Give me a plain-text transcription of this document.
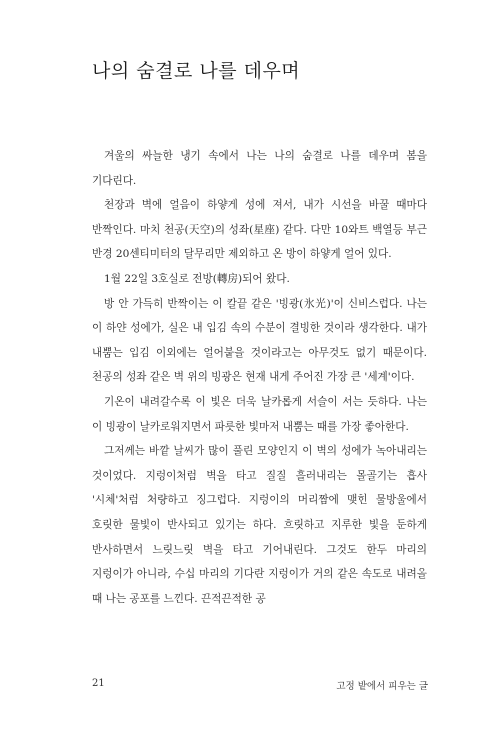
나의 숨결로 나를 데우며

겨울의 싸늘한 냉기 속에서 나는 나의 숨결로 나를 데우며 봄을 기다린다.

천장과 벽에 얼음이 하얗게 성에 져서, 내가 시선을 바꿀 때마다 반짝인다. 마치 천공(天空)의 성좌(星座) 같다. 다만 10와트 백열등 부근 반경 20센티미터의 달무리만 제외하고 온 방이 하얗게 얼어 있다.

1월 22일 3호실로 전방(轉房)되어 왔다.

방 안 가득히 반짝이는 이 칼끝 같은 '빙광(氷光)'이 신비스럽다. 나는 이 하얀 성에가, 실은 내 입김 속의 수분이 결빙한 것이라 생각한다. 내가 내뿜는 입김 이외에는 얼어붙을 것이라고는 아무것도 없기 때문이다. 천공의 성좌 같은 벽 위의 빙광은 현재 내게 주어진 가장 큰 '세계'이다.

기온이 내려갈수록 이 빛은 더욱 날카롭게 서슬이 서는 듯하다. 나는 이 빙광이 날카로워지면서 파릇한 빛마저 내뿜는 때를 가장 좋아한다.

그저께는 바깥 날씨가 많이 풀린 모양인지 이 벽의 성에가 녹아내리는 것이었다. 지렁이처럼 벽을 타고 질질 흘러내리는 몰골기는 흡사 '시체'처럼 처량하고 징그럽다. 지렁이의 머리짬에 맺힌 물방울에서 호릿한 물빛이 반사되고 있기는 하다. 흐릿하고 지루한 빛을 둔하게 반사하면서 느릿느릿 벽을 타고 기어내린다. 그것도 한두 마리의 지렁이가 아니라, 수십 마리의 기다란 지렁이가 거의 같은 속도로 내려올 때 나는 공포를 느낀다. 끈적끈적한 공

21	고정 밭에서 피우는 글
